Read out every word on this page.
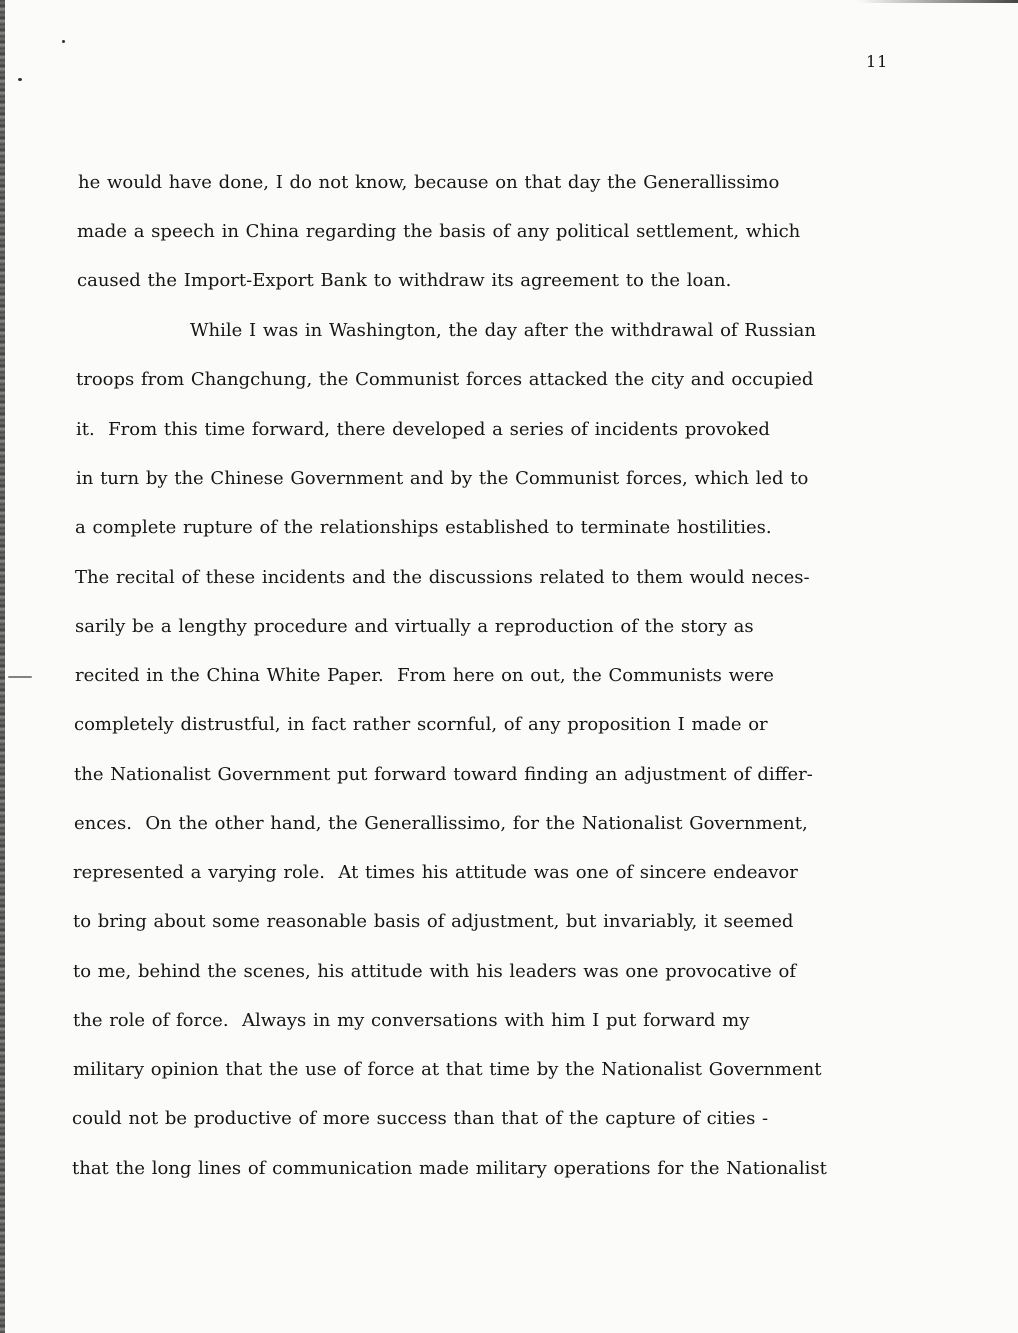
11
he would have done, I do not know, because on that day the Generallissimo
made a speech in China regarding the basis of any political settlement, which
caused the Import-Export Bank to withdraw its agreement to the loan.
While I was in Washington, the day after the withdrawal of Russian
troops from Changchung, the Communist forces attacked the city and occupied
it.  From this time forward, there developed a series of incidents provoked
in turn by the Chinese Government and by the Communist forces, which led to
a complete rupture of the relationships established to terminate hostilities.
The recital of these incidents and the discussions related to them would neces-
sarily be a lengthy procedure and virtually a reproduction of the story as
recited in the China White Paper.  From here on out, the Communists were
completely distrustful, in fact rather scornful, of any proposition I made or
the Nationalist Government put forward toward finding an adjustment of differ-
ences.  On the other hand, the Generallissimo, for the Nationalist Government,
represented a varying role.  At times his attitude was one of sincere endeavor
to bring about some reasonable basis of adjustment, but invariably, it seemed
to me, behind the scenes, his attitude with his leaders was one provocative of
the role of force.  Always in my conversations with him I put forward my
military opinion that the use of force at that time by the Nationalist Government
could not be productive of more success than that of the capture of cities -
that the long lines of communication made military operations for the Nationalist
